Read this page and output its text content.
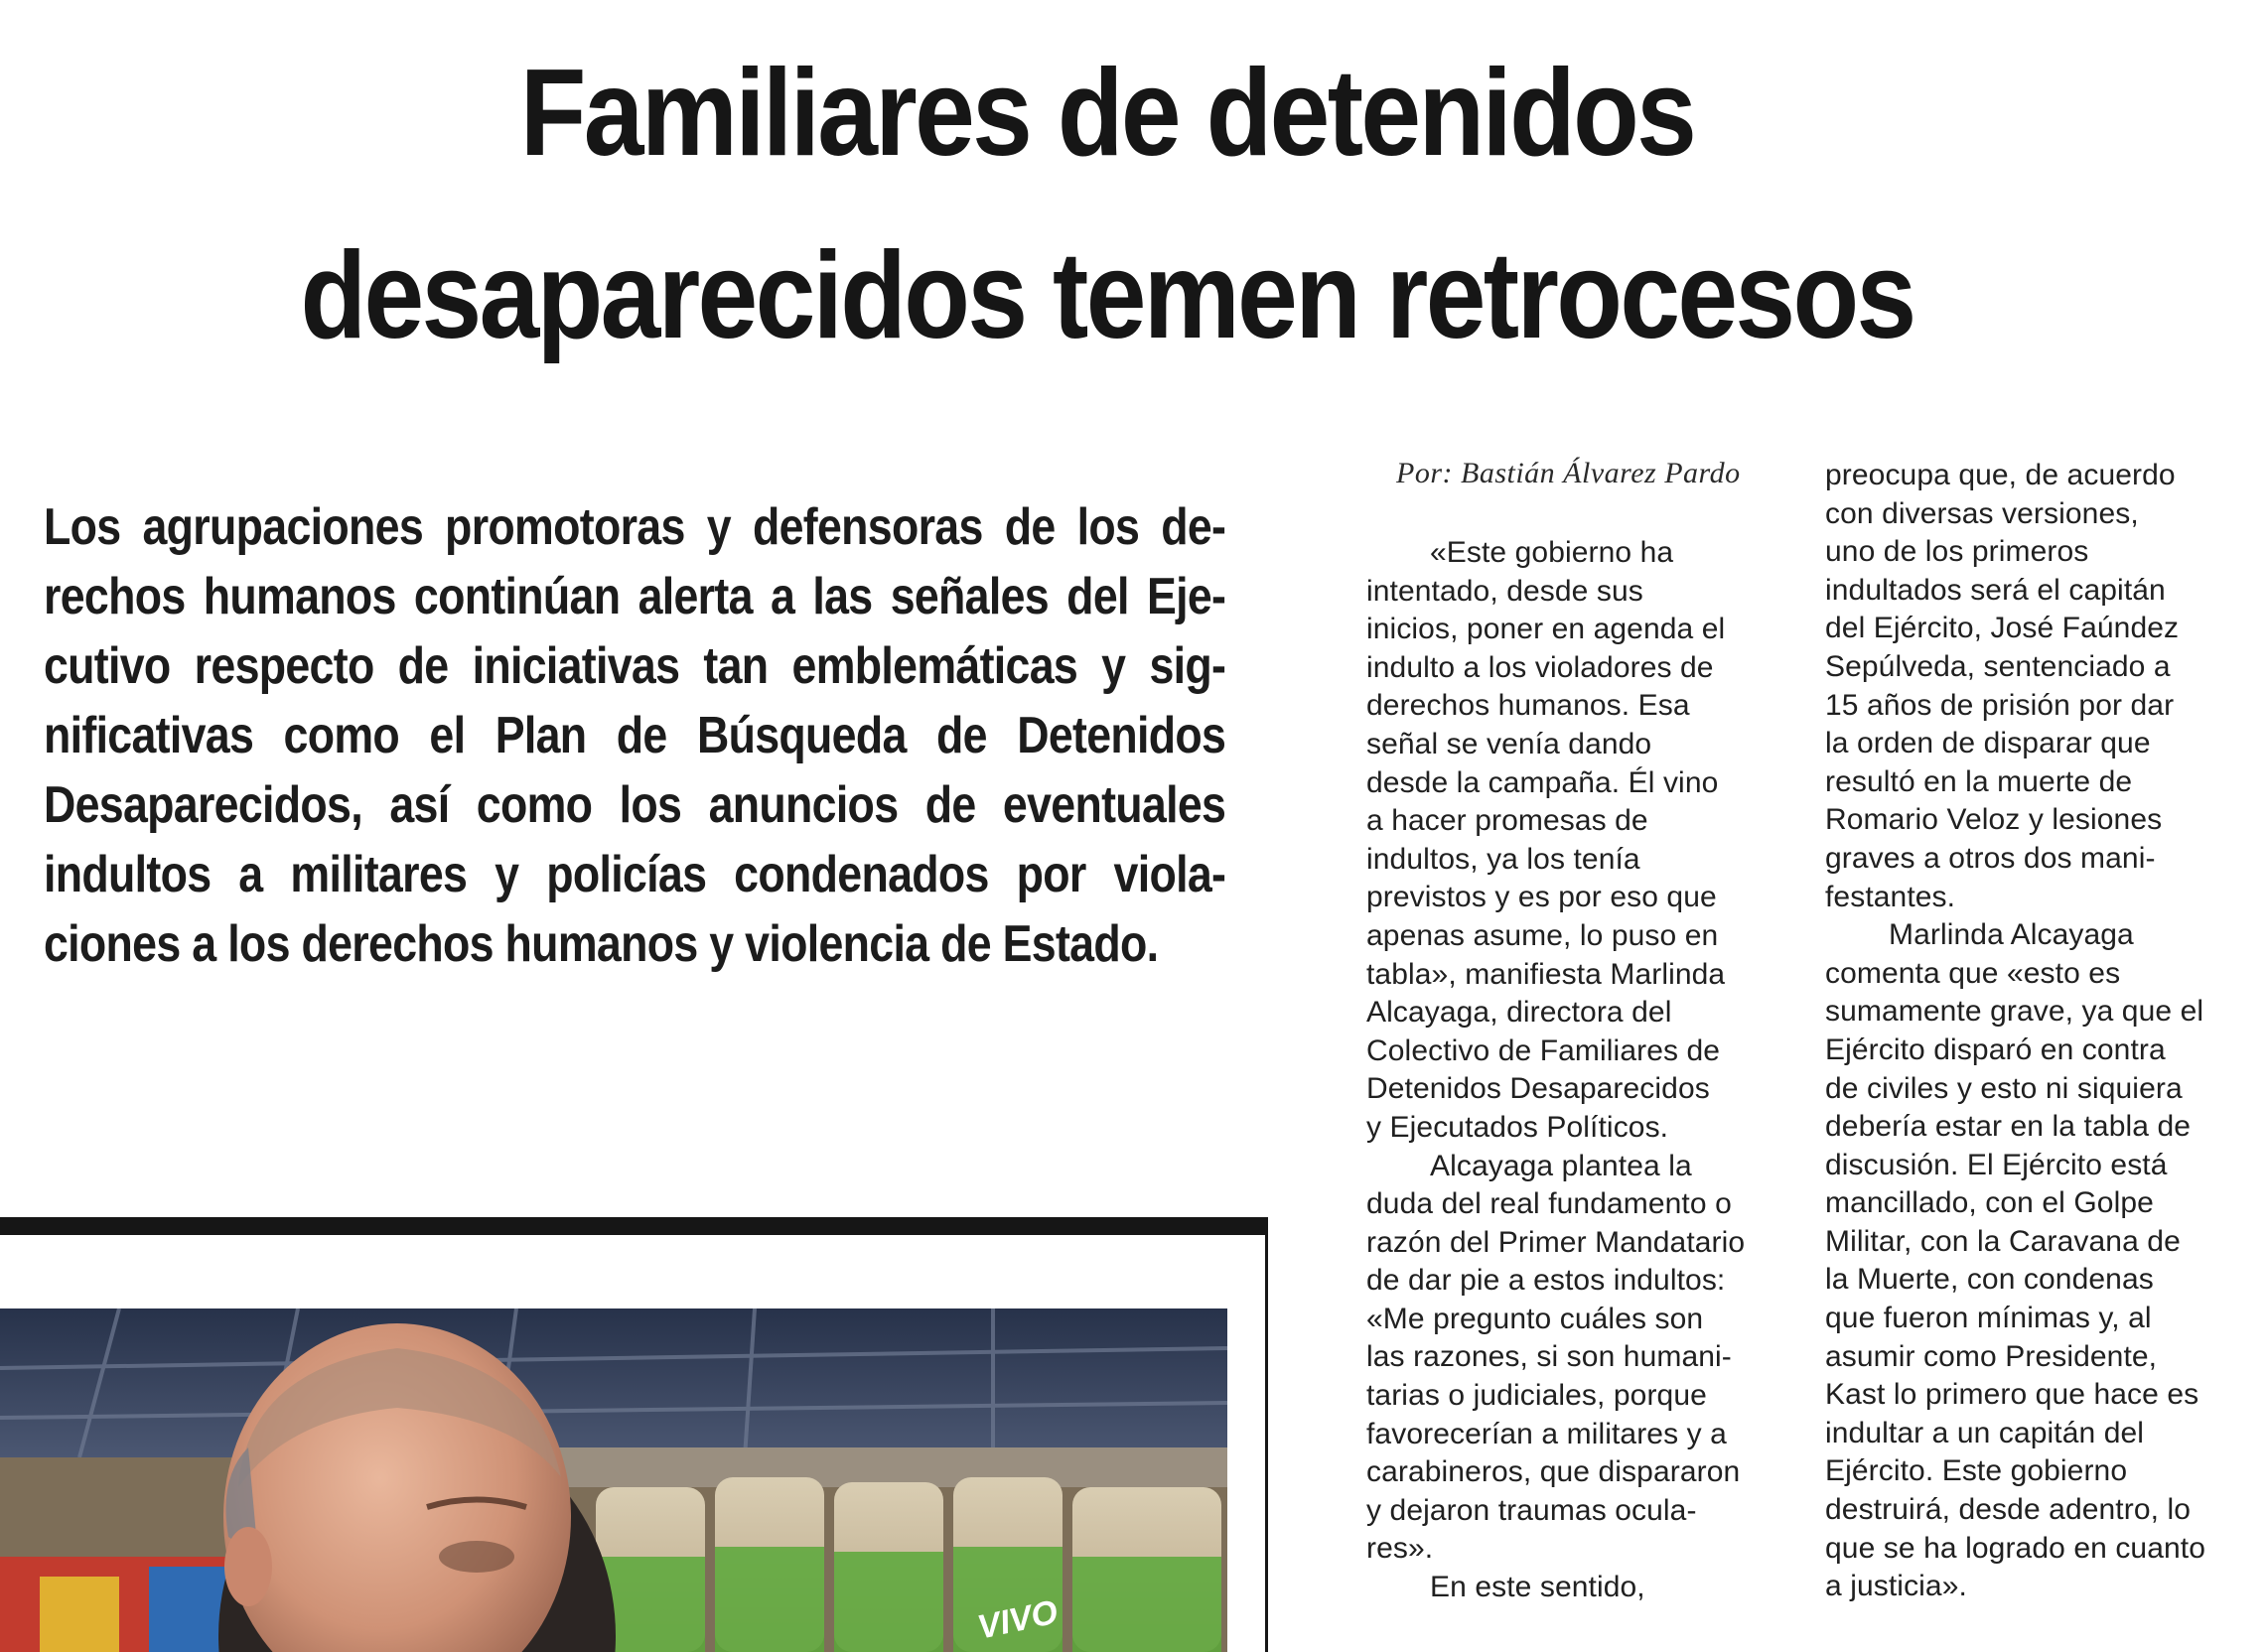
Familiares de detenidos
desaparecidos temen retrocesos
Los agrupaciones promotoras y defensoras de los de-
rechos humanos continúan alerta a las señales del Eje-
cutivo respecto de iniciativas tan emblemáticas y sig-
nificativas como el Plan de Búsqueda de Detenidos
Desaparecidos, así como los anuncios de eventuales
indultos a militares y policías condenados por viola-
ciones a los derechos humanos y violencia de Estado.
Por: Bastián Álvarez Pardo
«Este gobierno ha
intentado, desde sus
inicios, poner en agenda el
indulto a los violadores de
derechos humanos. Esa
señal se venía dando
desde la campaña. Él vino
a hacer promesas de
indultos, ya los tenía
previstos y es por eso que
apenas asume, lo puso en
tabla», manifiesta Marlinda
Alcayaga, directora del
Colectivo de Familiares de
Detenidos Desaparecidos
y Ejecutados Políticos.
Alcayaga plantea la
duda del real fundamento o
razón del Primer Mandatario
de dar pie a estos indultos:
«Me pregunto cuáles son
las razones, si son humani-
tarias o judiciales, porque
favorecerían a militares y a
carabineros, que dispararon
y dejaron traumas ocula-
res».
En este sentido,
preocupa que, de acuerdo
con diversas versiones,
uno de los primeros
indultados será el capitán
del Ejército, José Faúndez
Sepúlveda, sentenciado a
15 años de prisión por dar
la orden de disparar que
resultó en la muerte de
Romario Veloz y lesiones
graves a otros dos mani-
festantes.
Marlinda Alcayaga
comenta que «esto es
sumamente grave, ya que el
Ejército disparó en contra
de civiles y esto ni siquiera
debería estar en la tabla de
discusión. El Ejército está
mancillado, con el Golpe
Militar, con la Caravana de
la Muerte, con condenas
que fueron mínimas y, al
asumir como Presidente,
Kast lo primero que hace es
indultar a un capitán del
Ejército. Este gobierno
destruirá, desde adentro, lo
que se ha logrado en cuanto
a justicia».
VIVO
